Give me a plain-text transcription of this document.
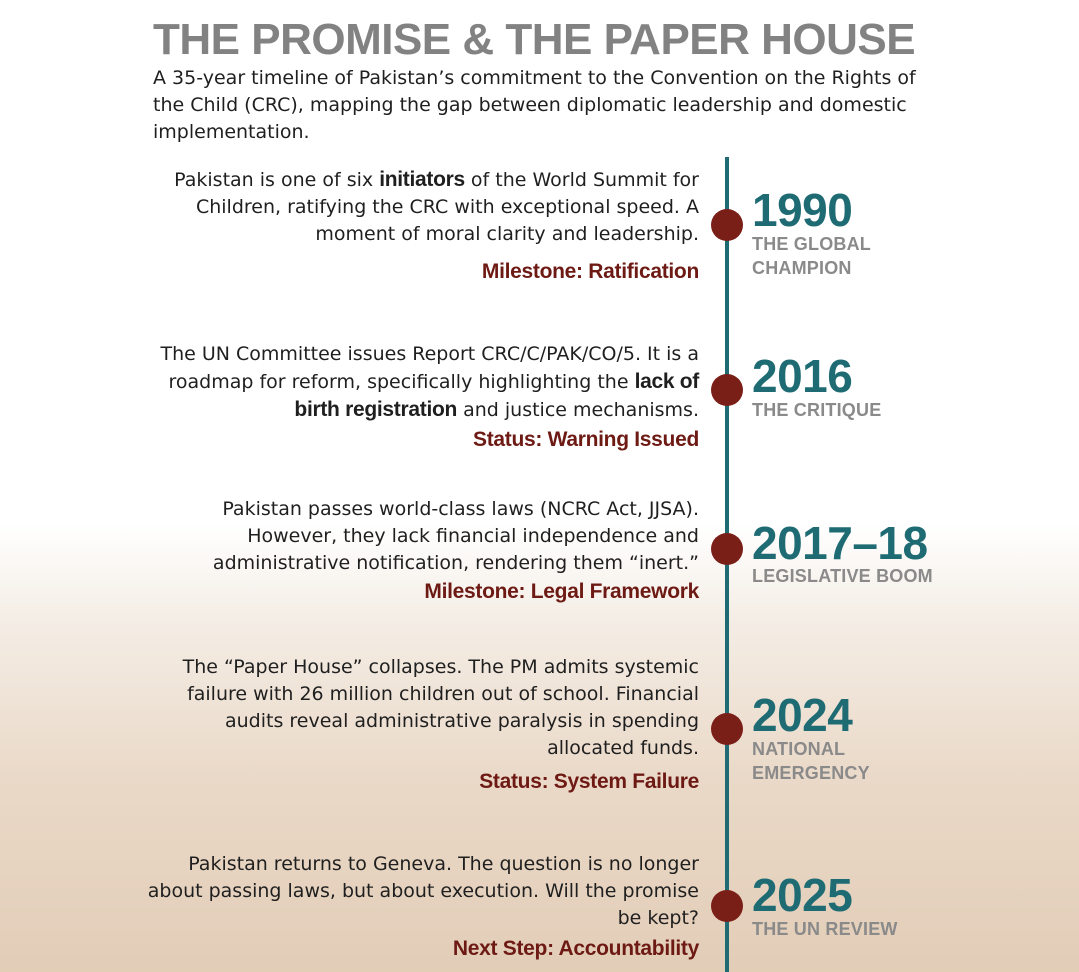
THE PROMISE & THE PAPER HOUSE
A 35-year timeline of Pakistan’s commitment to the Convention on the Rights of the Child (CRC), mapping the gap between diplomatic leadership and domestic implementation.
Pakistan is one of six initiators of the World Summit for Children, ratifying the CRC with exceptional speed. A moment of moral clarity and leadership.
Milestone: Ratification
1990
THE GLOBAL CHAMPION
The UN Committee issues Report CRC/C/PAK/CO/5. It is a roadmap for reform, specifically highlighting the lack of birth registration and justice mechanisms.
Status: Warning Issued
2016
THE CRITIQUE
Pakistan passes world-class laws (NCRC Act, JJSA). However, they lack financial independence and administrative notification, rendering them “inert.”
Milestone: Legal Framework
2017–18
LEGISLATIVE BOOM
The “Paper House” collapses. The PM admits systemic failure with 26 million children out of school. Financial audits reveal administrative paralysis in spending allocated funds.
Status: System Failure
2024
NATIONAL EMERGENCY
Pakistan returns to Geneva. The question is no longer about passing laws, but about execution. Will the promise be kept?
Next Step: Accountability
2025
THE UN REVIEW
